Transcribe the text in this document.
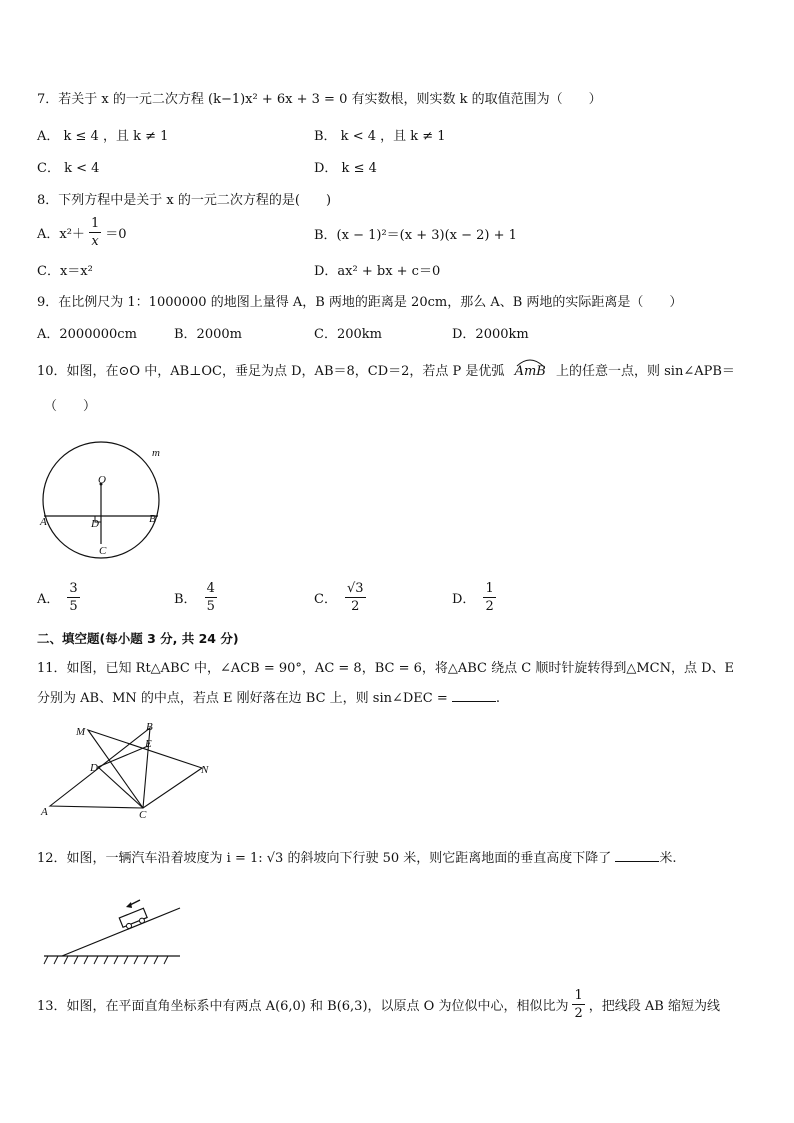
7．若关于 x 的一元二次方程 (k−1)x² + 6x + 3 = 0 有实数根，则实数 k 的取值范围为（　　）
A． k ≤ 4 ，且 k ≠ 1	B． k < 4 ，且 k ≠ 1
C． k < 4	D． k ≤ 4
8．下列方程中是关于 x 的一元二次方程的是(　　)
A．$x^2+ \frac{1}{x} =0$	B．(x − 1)²＝(x + 3)(x − 2) + 1
C．x＝x²	D．ax² + bx + c＝0
9．在比例尺为 1：1000000 的地图上量得 A，B 两地的距离是 20cm，那么 A、B 两地的实际距离是（　　）
A．2000000cm	B．2000m	C．200km	D．2000km
10．如图，在⊙O 中，AB⊥OC，垂足为点 D，AB＝8，CD＝2，若点 P 是优弧 AmB 上的任意一点，则 sin∠APB＝
（　　）
O
m
A	B
C
D
A． $\frac{3}{5}$	B． $\frac{4}{5}$	C． $\frac{√3}{2}$	D． $\frac{1}{2}$
二、填空题(每小题 3 分, 共 24 分)
11．如图，已知 Rt△ABC 中，∠ACB = 90°，AC = 8，BC = 6，将△ABC 绕点 C 顺时针旋转得到△MCN，点 D、E
分别为 AB、MN 的中点，若点 E 刚好落在边 BC 上，则 sin∠DEC =	.
M	B
E
D	N
A	C
12．如图，一辆汽车沿着坡度为 i = 1: √3 的斜坡向下行驶 50 米，则它距离地面的垂直高度下降了	米.
13．如图，在平面直角坐标系中有两点 A(6,0) 和 B(6,3)，以原点 O 为位似中心，相似比为 $\frac{1}{2}$ ，把线段 AB 缩短为线
